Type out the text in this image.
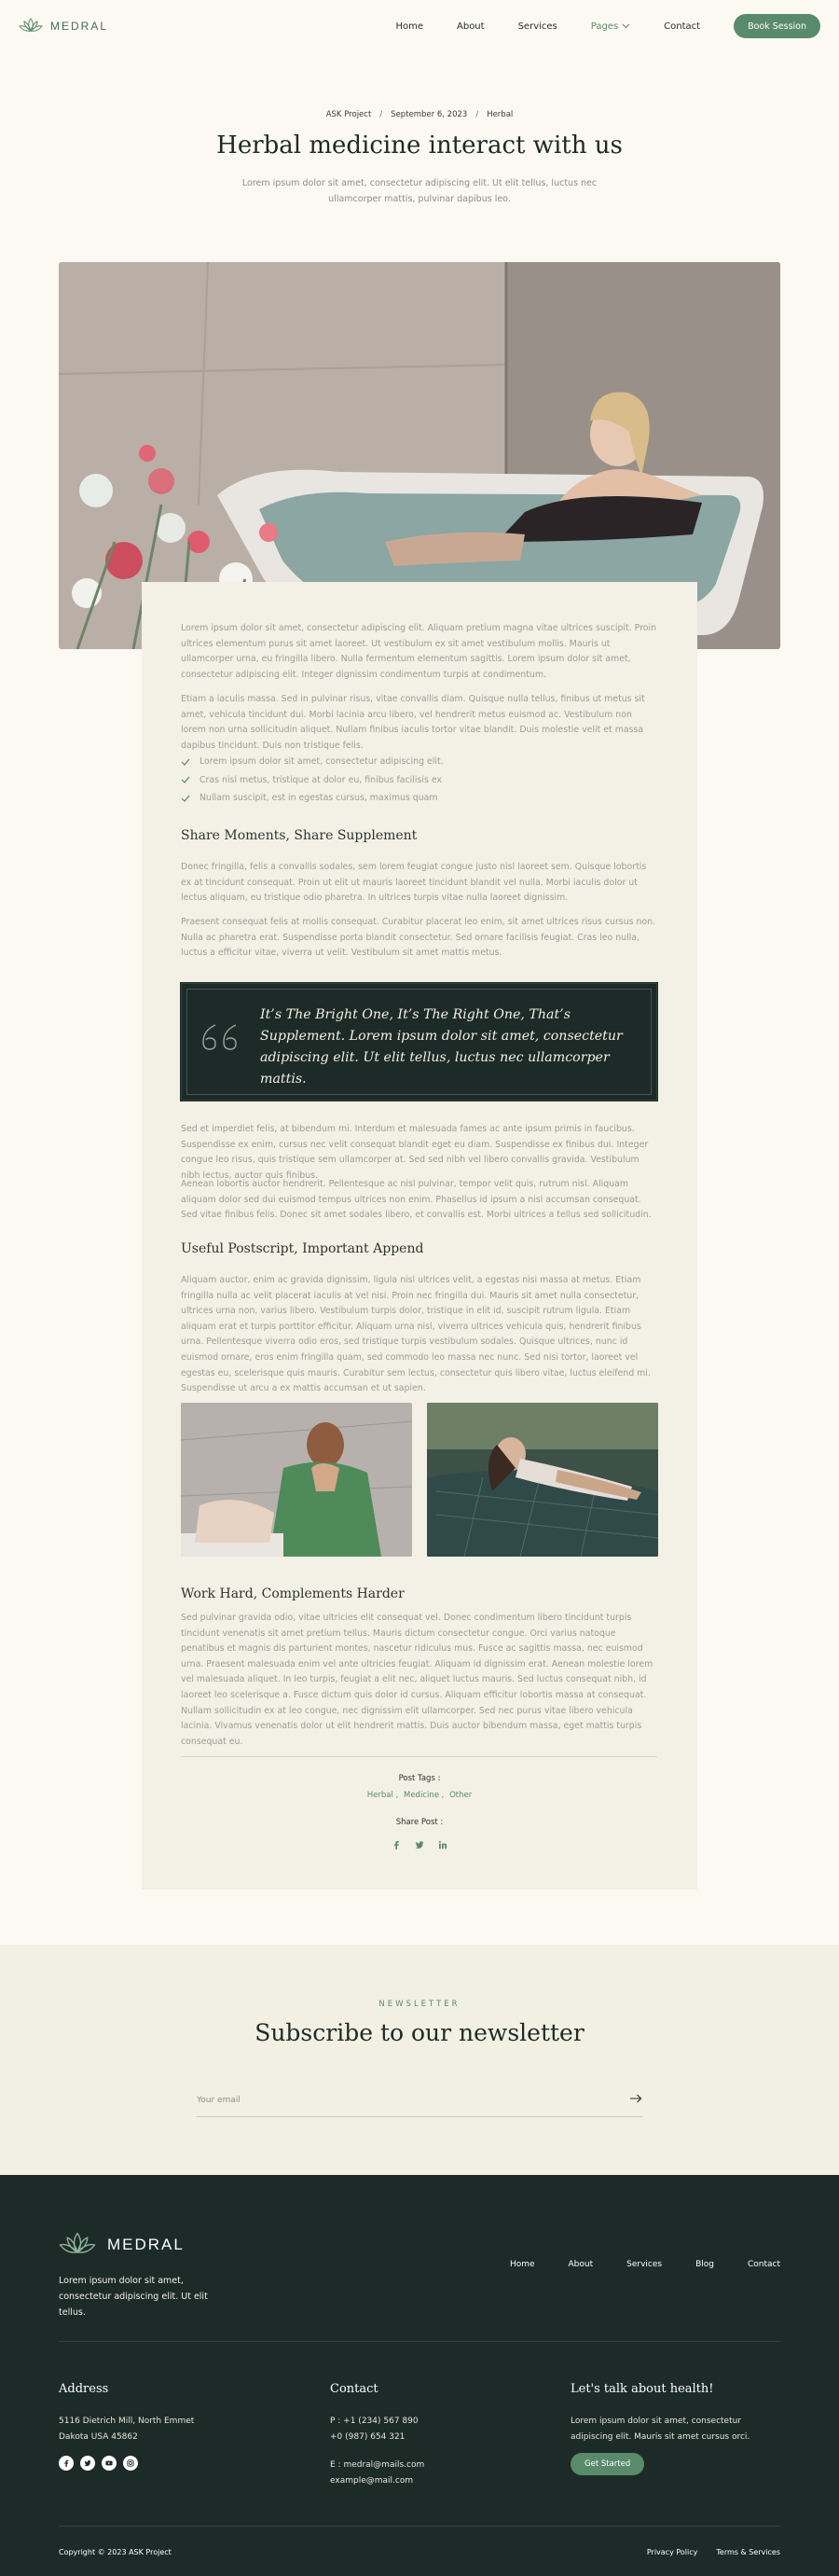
MEDRAL	Home	About	Services	Pages	Contact	Book Session
ASK Project / September 6, 2023 / Herbal
Herbal medicine interact with us

Lorem ipsum dolor sit amet, consectetur adipiscing elit. Ut elit tellus, luctus nec ullamcorper mattis, pulvinar dapibus leo.

Lorem ipsum dolor sit amet, consectetur adipiscing elit. Aliquam pretium magna vitae ultrices suscipit. Proin ultrices elementum purus sit amet laoreet. Ut vestibulum ex sit amet vestibulum mollis. Mauris ut ullamcorper urna, eu fringilla libero. Nulla fermentum elementum sagittis. Lorem ipsum dolor sit amet, consectetur adipiscing elit. Integer dignissim condimentum turpis at condimentum.

Etiam a iaculis massa. Sed in pulvinar risus, vitae convallis diam. Quisque nulla tellus, finibus ut metus sit amet, vehicula tincidunt dui. Morbi lacinia arcu libero, vel hendrerit metus euismod ac. Vestibulum non lorem non urna sollicitudin aliquet. Nullam finibus iaculis tortor vitae blandit. Duis molestie velit et massa dapibus tincidunt. Duis non tristique felis.

Lorem ipsum dolor sit amet, consectetur adipiscing elit.
Cras nisl metus, tristique at dolor eu, finibus facilisis ex
Nullam suscipit, est in egestas cursus, maximus quam
Share Moments, Share Supplement

Donec fringilla, felis a convallis sodales, sem lorem feugiat congue justo nisl laoreet sem. Quisque lobortis ex at tincidunt consequat. Proin ut elit ut mauris laoreet tincidunt blandit vel nulla. Morbi iaculis dolor ut lectus aliquam, eu tristique odio pharetra. In ultrices turpis vitae nulla laoreet dignissim.

Praesent consequat felis at mollis consequat. Curabitur placerat leo enim, sit amet ultrices risus cursus non. Nulla ac pharetra erat. Suspendisse porta blandit consectetur. Sed ornare facilisis feugiat. Cras leo nulla, luctus a efficitur vitae, viverra ut velit. Vestibulum sit amet mattis metus.

It’s The Bright One, It’s The Right One, That’s Supplement. Lorem ipsum dolor sit amet, consectetur adipiscing elit. Ut elit tellus, luctus nec ullamcorper mattis.

Sed et imperdiet felis, at bibendum mi. Interdum et malesuada fames ac ante ipsum primis in faucibus. Suspendisse ex enim, cursus nec velit consequat blandit eget eu diam. Suspendisse ex finibus dui. Integer congue leo risus, quis tristique sem ullamcorper at. Sed sed nibh vel libero convallis gravida. Vestibulum nibh lectus, auctor quis finibus.

Aenean lobortis auctor hendrerit. Pellentesque ac nisl pulvinar, tempor velit quis, rutrum nisl. Aliquam aliquam dolor sed dui euismod tempus ultrices non enim. Phasellus id ipsum a nisl accumsan consequat. Sed vitae finibus felis. Donec sit amet sodales libero, et convallis est. Morbi ultrices a tellus sed sollicitudin.

Useful Postscript, Important Append

Aliquam auctor, enim ac gravida dignissim, ligula nisl ultrices velit, a egestas nisi massa at metus. Etiam fringilla nulla ac velit placerat iaculis at vel nisi. Proin nec fringilla dui. Mauris sit amet nulla consectetur, ultrices urna non, varius libero. Vestibulum turpis dolor, tristique in elit id, suscipit rutrum ligula. Etiam aliquam erat et turpis porttitor efficitur. Aliquam urna nisl, viverra ultrices vehicula quis, hendrerit finibus urna. Pellentesque viverra odio eros, sed tristique turpis vestibulum sodales. Quisque ultrices, nunc id euismod ornare, eros enim fringilla quam, sed commodo leo massa nec nunc. Sed nisi tortor, laoreet vel egestas eu, scelerisque quis mauris. Curabitur sem lectus, consectetur quis libero vitae, luctus eleifend mi. Suspendisse ut arcu a ex mattis accumsan et ut sapien.

Work Hard, Complements Harder

Sed pulvinar gravida odio, vitae ultricies elit consequat vel. Donec condimentum libero tincidunt turpis tincidunt venenatis sit amet pretium tellus. Mauris dictum consectetur congue. Orci varius natoque penatibus et magnis dis parturient montes, nascetur ridiculus mus. Fusce ac sagittis massa, nec euismod urna. Praesent malesuada enim vel ante ultricies feugiat. Aliquam id dignissim erat. Aenean molestie lorem vel malesuada aliquet. In leo turpis, feugiat a elit nec, aliquet luctus mauris. Sed luctus consequat nibh, id laoreet leo scelerisque a. Fusce dictum quis dolor id cursus. Aliquam efficitur lobortis massa at consequat. Nullam sollicitudin ex at leo congue, nec dignissim elit ullamcorper. Sed nec purus vitae libero vehicula lacinia. Vivamus venenatis dolor ut elit hendrerit mattis. Duis auctor bibendum massa, eget mattis turpis consequat eu.

Post Tags :
Herbal , Medicine , Other
Share Post :
NEWSLETTER
Subscribe to our newsletter
Your email
MEDRAL

Lorem ipsum dolor sit amet, consectetur adipiscing elit. Ut elit tellus.

Home	About	Services	Blog	Contact
Address
5116 Dietrich Mill, North Emmet
Dakota USA 45862
Contact
P : +1 (234) 567 890
+0 (987) 654 321
E : medral@mails.com
example@mail.com
Let's talk about health!

Lorem ipsum dolor sit amet, consectetur adipiscing elit. Mauris sit amet cursus orci.

Get Started
Copyright © 2023 ASK Project	Privacy Policy	Terms & Services
